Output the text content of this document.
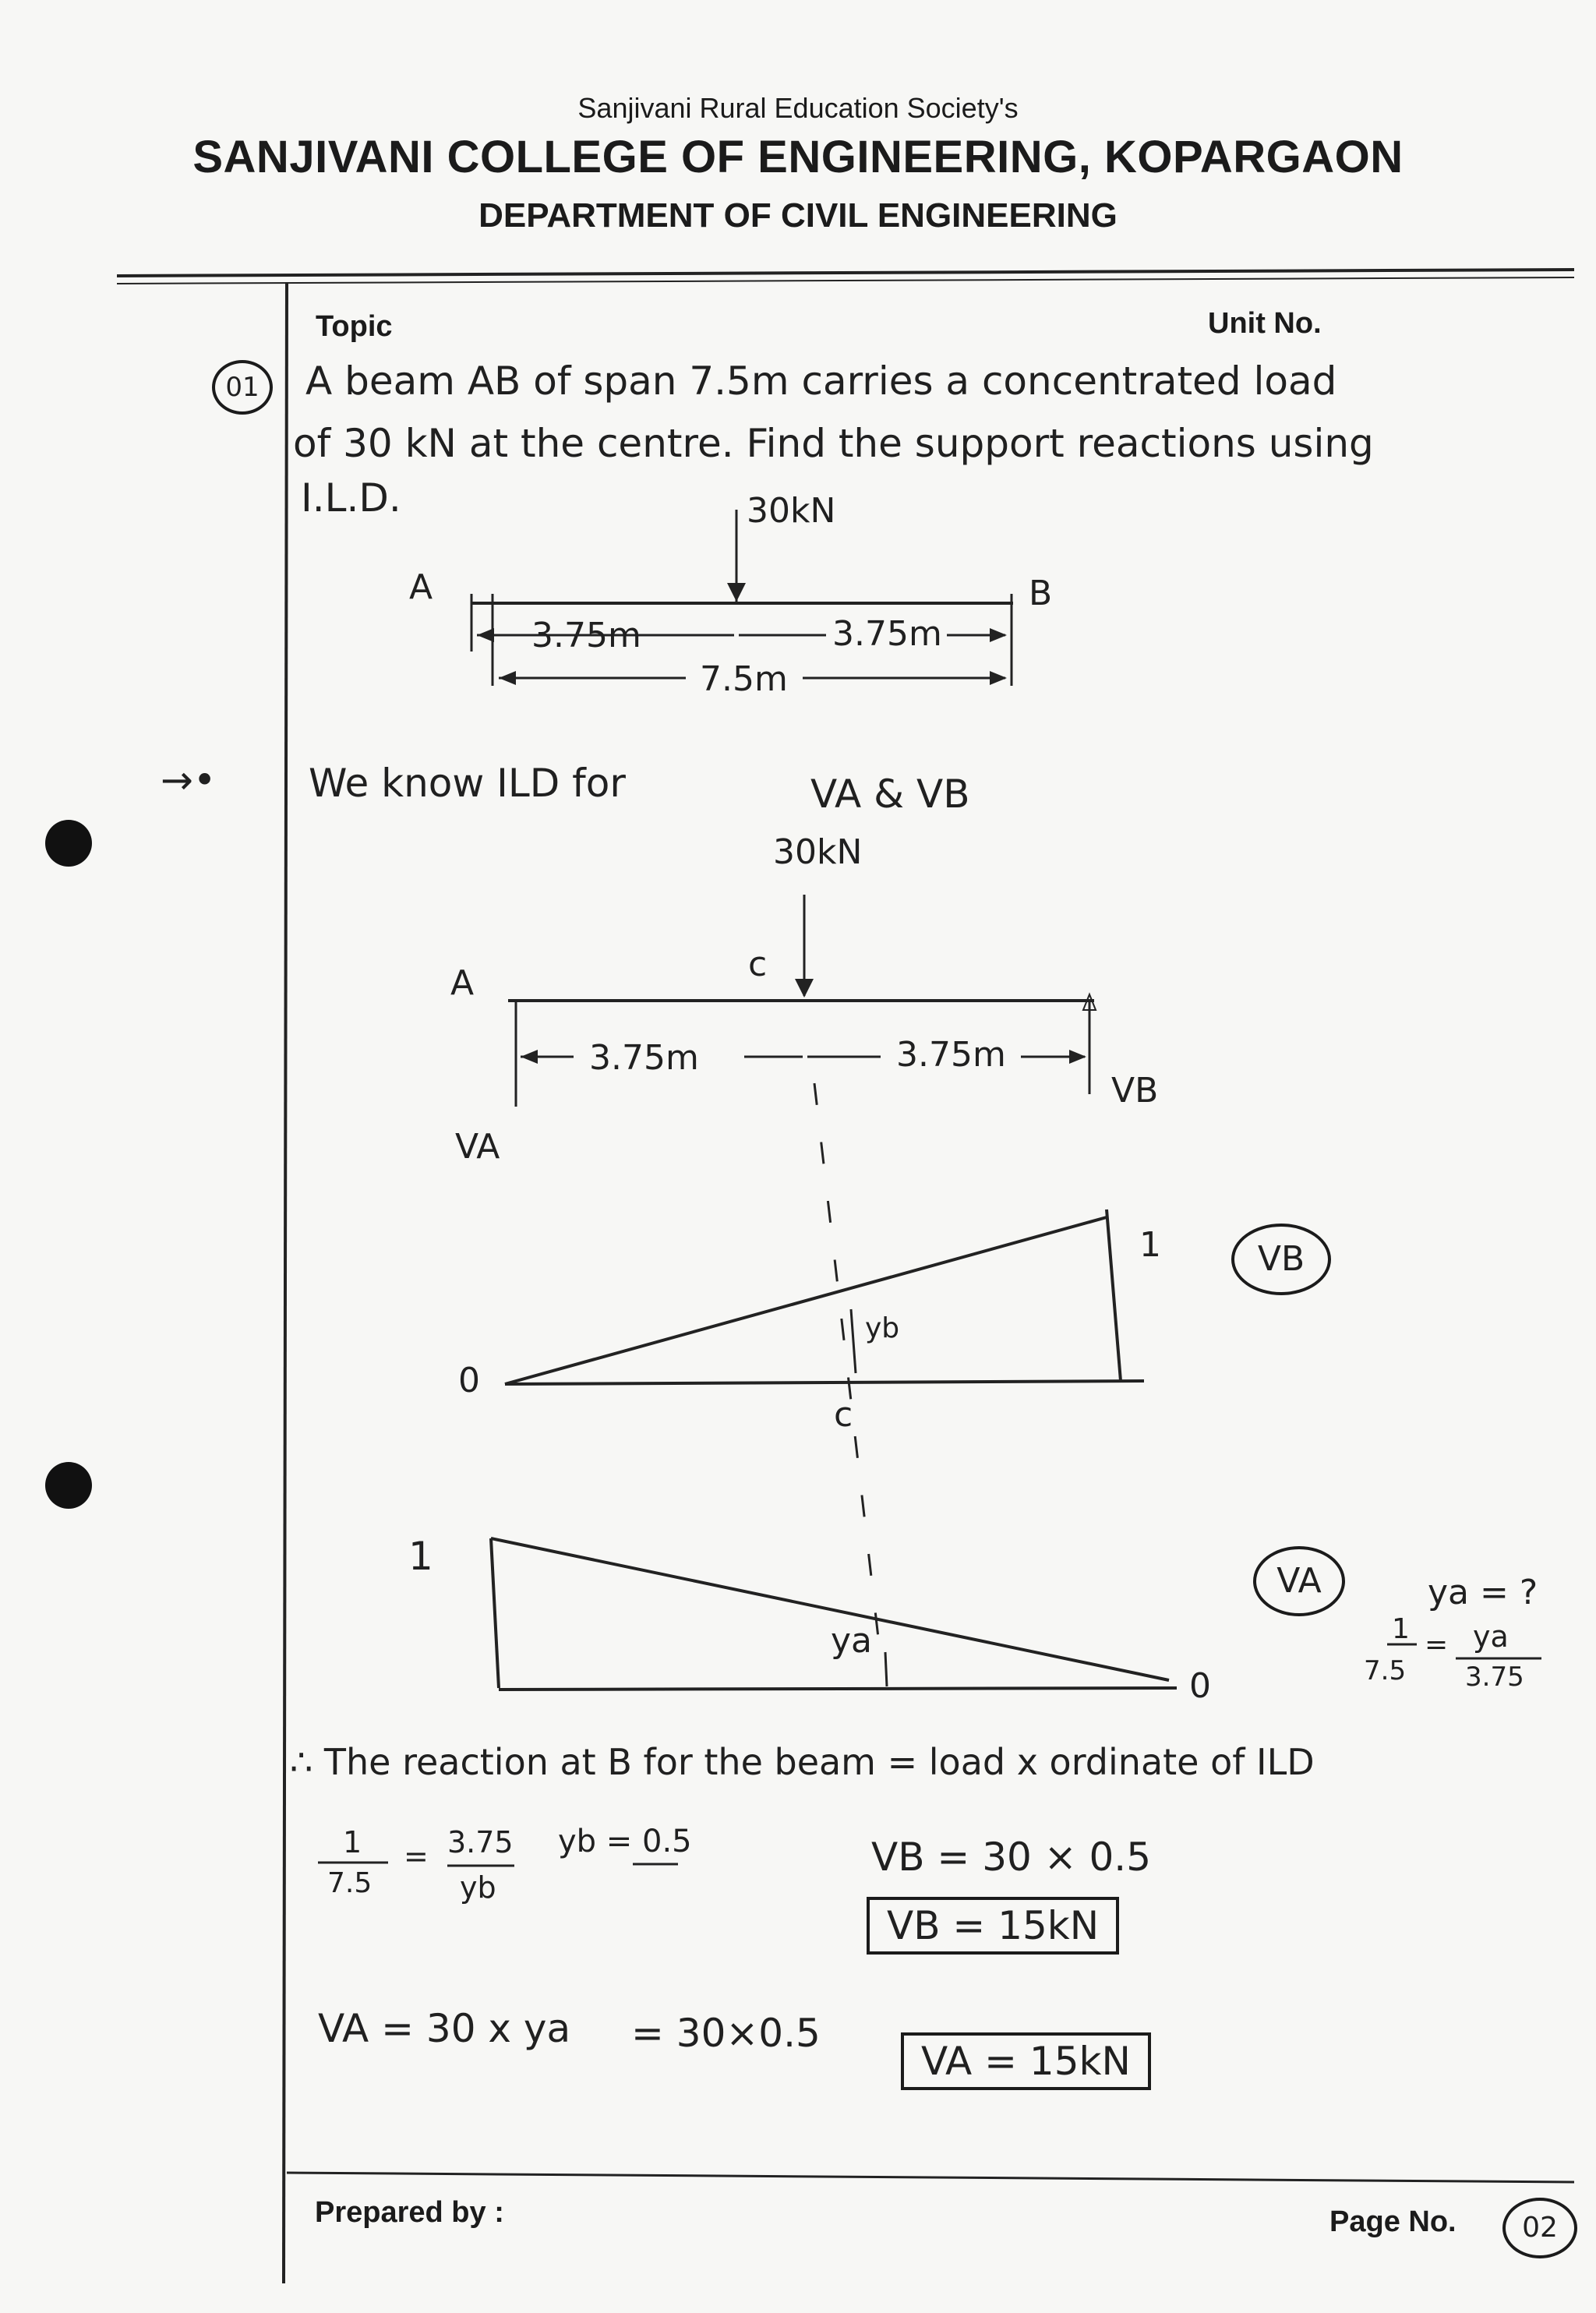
Sanjivani Rural Education Society's
SANJIVANI COLLEGE OF ENGINEERING, KOPARGAON
DEPARTMENT OF CIVIL ENGINEERING
Topic	Unit No.
01	A beam AB of span 7.5m carries a concentrated load
of 30 kN at the centre. Find the support reactions using
I.L.D.	30kN
A	B
3.75m	3.75m
7.5m
→• We know ILD for	VA & VB
30kN
c
A
3.75m	3.75m
VA
VB
0
1
yb
c
VB
1
0
ya
VA	ya = ?
1
7.5
= ya
3.75
∴ The reaction at B for the beam = load x ordinate of ILD
1
7.5
= 3.75
yb
yb = 0.5	VB = 30 × 0.5
VB = 15kN
VA = 30 x ya = 30×0.5
VA = 15kN
Prepared by :	Page No.	02
